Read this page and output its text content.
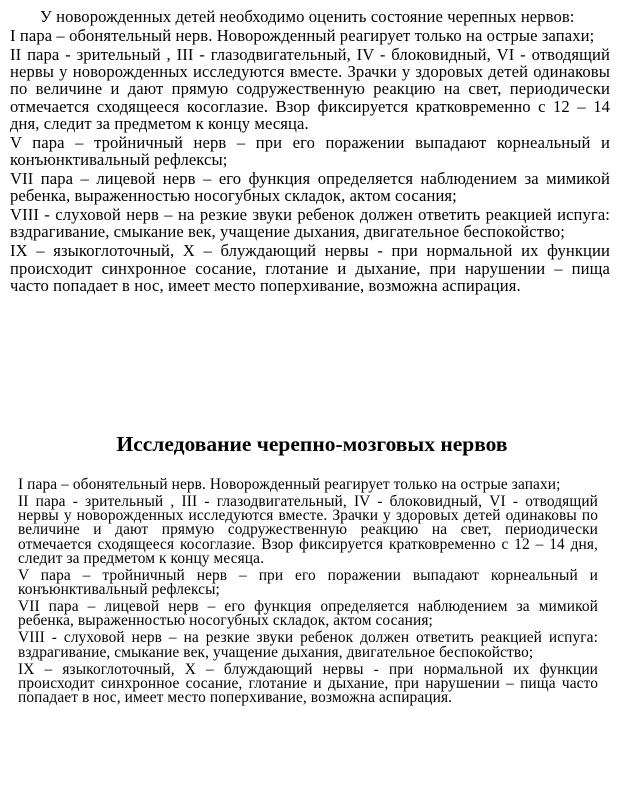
У новорожденных детей необходимо оценить состояние черепных нервов:

I пара – обонятельный нерв. Новорожденный реагирует только на острые запахи;

II пара - зрительный , III - глазодвигательный, IV - блоковидный, VI - отводящий нервы у новорожденных исследуются вместе. Зрачки у здоровых детей одинаковы по величине и дают прямую содружественную реакцию на свет, периодически отмечается сходящееся косоглазие. Взор фиксируется кратковременно с 12 – 14 дня, следит за предметом к концу месяца.

V пара – тройничный нерв – при его поражении выпадают корнеальный и конъюнктивальный рефлексы;

VII пара – лицевой нерв – его функция определяется наблюдением за мимикой ребенка, выраженностью носогубных складок, актом сосания;

VIII - слуховой нерв – на резкие звуки ребенок должен ответить реакцией испуга: вздрагивание, смыкание век, учащение дыхания, двигательное беспокойство;

IX – языкоглоточный, Х – блуждающий нервы - при нормальной их функции происходит синхронное сосание, глотание и дыхание, при нарушении – пища часто попадает в нос, имеет место поперхивание, возможна аспирация.

Исследование черепно-мозговых нервов

I пара – обонятельный нерв. Новорожденный реагирует только на острые запахи;

II пара - зрительный , III - глазодвигательный, IV - блоковидный, VI - отводящий нервы у новорожденных исследуются вместе. Зрачки у здоровых детей одинаковы по величине и дают прямую содружественную реакцию на свет, периодически отмечается сходящееся косоглазие. Взор фиксируется кратковременно с 12 – 14 дня, следит за предметом к концу месяца.

V пара – тройничный нерв – при его поражении выпадают корнеальный и конъюнктивальный рефлексы;

VII пара – лицевой нерв – его функция определяется наблюдением за мимикой ребенка, выраженностью носогубных складок, актом сосания;

VIII - слуховой нерв – на резкие звуки ребенок должен ответить реакцией испуга: вздрагивание, смыкание век, учащение дыхания, двигательное беспокойство;

IX – языкоглоточный, Х – блуждающий нервы - при нормальной их функции происходит синхронное сосание, глотание и дыхание, при нарушении – пища часто попадает в нос, имеет место поперхивание, возможна аспирация.
